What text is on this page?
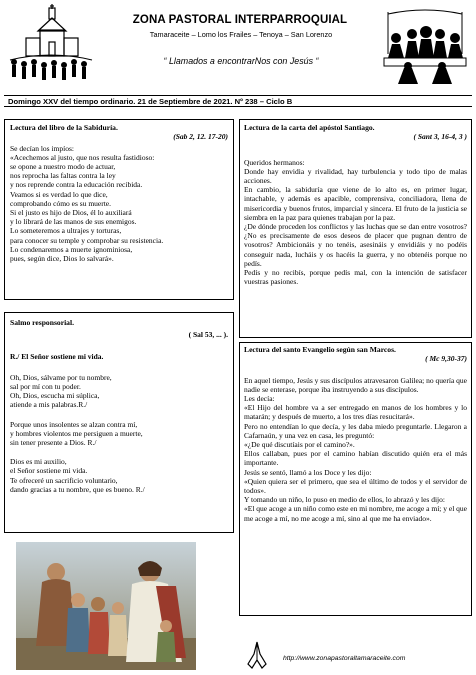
ZONA PASTORAL INTERPARROQUIAL
Tamaraceite – Lomo los Frailes – Tenoya – San Lorenzo
“ Llamados a encontrarNos con Jesús “
Domingo XXV del tiempo ordinario. 21 de Septiembre de 2021. Nº 238 – Ciclo B
Lectura del libro de la Sabiduría.
(Sab 2, 12. 17-20)
Se decían los impíos:
«Acechemos al justo, que nos resulta fastidioso:
se opone a nuestro modo de actuar,
nos reprocha las faltas contra la ley
y nos reprende contra la educación recibida.
Veamos si es verdad lo que dice,
comprobando cómo es su muerte.
Si el justo es hijo de Dios, él lo auxiliará
y lo librará de las manos de sus enemigos.
Lo someteremos a ultrajes y torturas,
para conocer su temple y comprobar su resistencia.
Lo condenaremos a muerte ignominiosa,
pues, según dice, Dios lo salvará».
Salmo responsorial.
( Sal 53, ... ).
R./ El Señor sostiene mi vida.
Oh, Dios, sálvame por tu nombre,
sal por mí con tu poder.
Oh, Dios, escucha mi súplica,
atiende a mis palabras.R./
Porque unos insolentes se alzan contra mí,
y hombres violentos me persiguen a muerte,
sin tener presente a Dios. R./
Dios es mi auxilio,
el Señor sostiene mi vida.
Te ofreceré un sacrificio voluntario,
dando gracias a tu nombre, que es bueno. R./
Lectura de la carta del apóstol Santiago.
( Sant 3, 16-4, 3 )

Queridos hermanos:

Donde hay envidia y rivalidad, hay turbulencia y todo tipo de malas acciones.

En cambio, la sabiduría que viene de lo alto es, en primer lugar, intachable, y además es apacible, comprensiva, conciliadora, llena de misericordia y buenos frutos, imparcial y sincera. El fruto de la justicia se siembra en la paz para quienes trabajan por la paz.

¿De dónde proceden los conflictos y las luchas que se dan entre vosotros? ¿No es precisamente de esos deseos de placer que pugnan dentro de vosotros? Ambicionáis y no tenéis, asesináis y envidiáis y no podéis conseguir nada, lucháis y os hacéis la guerra, y no obtenéis porque no pedís.

Pedís y no recibís, porque pedís mal, con la intención de satisfacer vuestras pasiones.

Lectura del santo Evangelio según san Marcos.
( Mc 9,30-37)

En aquel tiempo, Jesús y sus discípulos atravesaron Galilea; no quería que nadie se enterase, porque iba instruyendo a sus discípulos.

Les decía:

«El Hijo del hombre va a ser entregado en manos de los hombres y lo matarán; y después de muerto, a los tres días resucitará».

Pero no entendían lo que decía, y les daba miedo preguntarle. Llegaron a Cafarnaún, y una vez en casa, les preguntó:

«¿De qué discutíais por el camino?».

Ellos callaban, pues por el camino habían discutido quién era el más importante.

Jesús se sentó, llamó a los Doce y les dijo:

«Quien quiera ser el primero, que sea el último de todos y el servidor de todos».

Y tomando un niño, lo puso en medio de ellos, lo abrazó y les dijo:

«El que acoge a un niño como este en mi nombre, me acoge a mí; y el que me acoge a mí, no me acoge a mí, sino al que me ha enviado».

http://www.zonapastoraltamaraceite.com
